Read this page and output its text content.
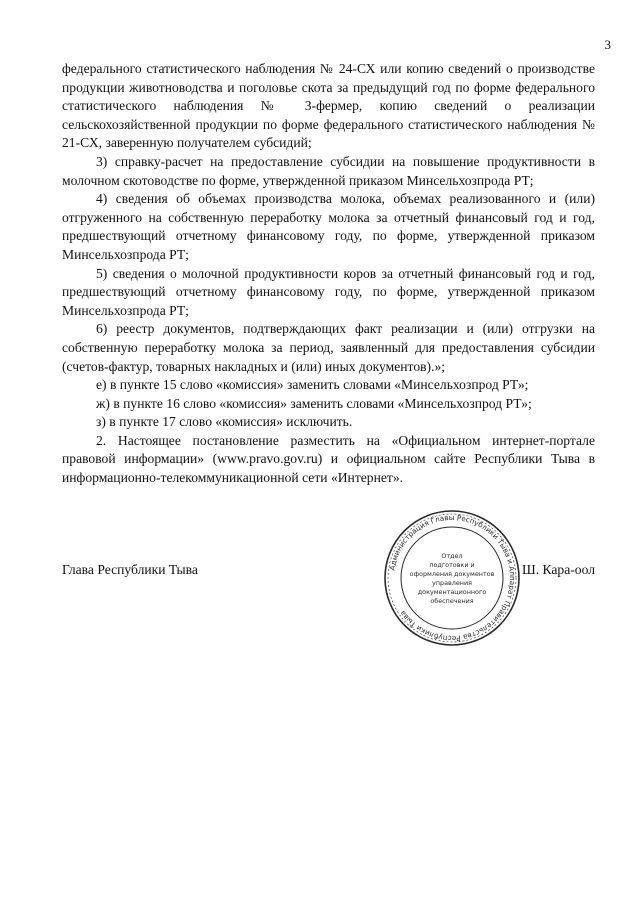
3

федерального статистического наблюдения № 24-СХ или копию сведений о производстве продукции животноводства и поголовье скота за предыдущий год по форме федерального статистического наблюдения № 3-фермер, копию сведений о реализации сельскохозяйственной продукции по форме федерального статистического наблюдения № 21-СХ, заверенную получателем субсидий;

3) справку-расчет на предоставление субсидии на повышение продуктивности в молочном скотоводстве по форме, утвержденной приказом Минсельхозпрода РТ;

4) сведения об объемах производства молока, объемах реализованного и (или) отгруженного на собственную переработку молока за отчетный финансовый год и год, предшествующий отчетному финансовому году, по форме, утвержденной приказом Минсельхозпрода РТ;

5) сведения о молочной продуктивности коров за отчетный финансовый год и год, предшествующий отчетному финансовому году, по форме, утвержденной приказом Минсельхозпрода РТ;

6) реестр документов, подтверждающих факт реализации и (или) отгрузки на собственную переработку молока за период, заявленный для предоставления субсидии (счетов-фактур, товарных накладных и (или) иных документов).»;

е) в пункте 15 слово «комиссия» заменить словами «Минсельхозпрод РТ»;

ж) в пункте 16 слово «комиссия» заменить словами «Минсельхозпрод РТ»;

з) в пункте 17 слово «комиссия» исключить.

2. Настоящее постановление разместить на «Официальном интернет-портале правовой информации» (www.pravo.gov.ru) и официальном сайте Республики Тыва в информационно-телекоммуникационной сети «Интернет».

Глава Республики Тыва	Ш. Кара-оол
Администрация Главы Республики Тыва и Аппарат Правительства Республики Тыва
Отдел
подготовки и
оформления документов
управления
документационного
обеспечения
